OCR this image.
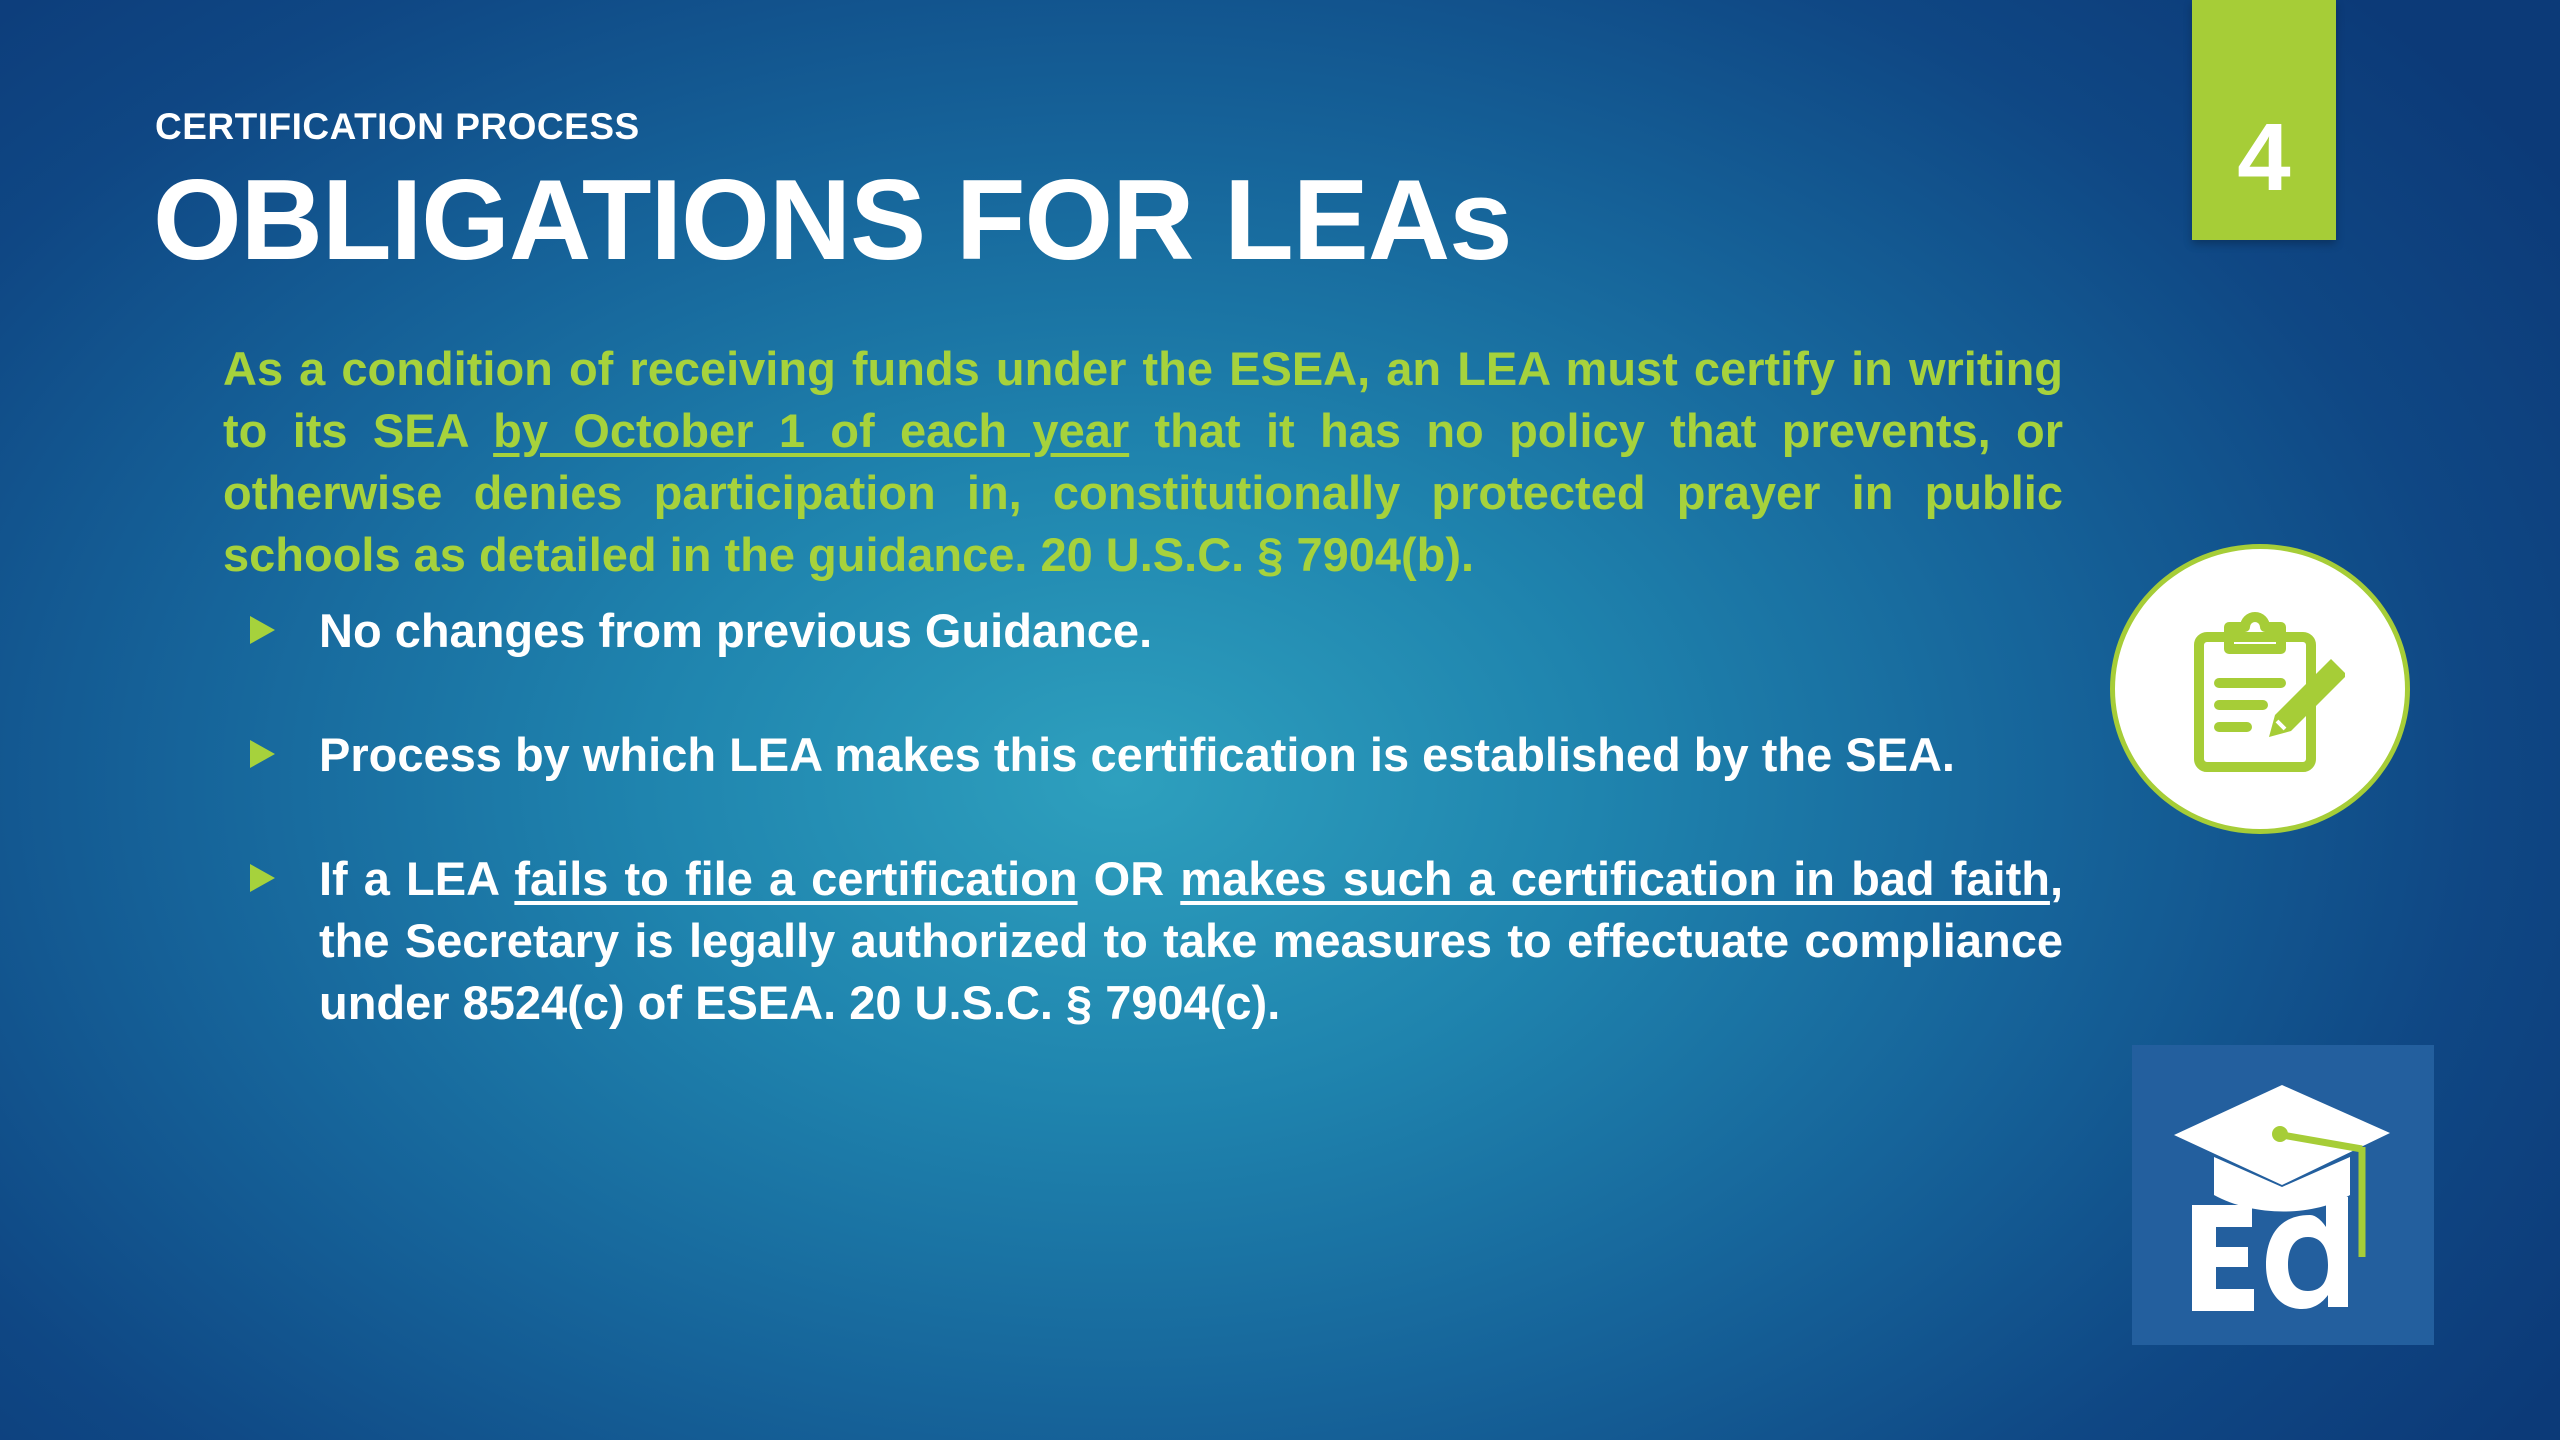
CERTIFICATION PROCESS
OBLIGATIONS FOR LEAs	4
As a condition of receiving funds under the ESEA, an LEA must certify in writing to its SEA by October 1 of each year that it has no policy that prevents, or otherwise denies participation in, constitutionally protected prayer in public schools as detailed in the guidance. 20 U.S.C. § 7904(b).
No changes from previous Guidance.
Process by which LEA makes this certification is established by the SEA.
If a LEA fails to file a certification OR makes such a certification in bad faith, the Secretary is legally authorized to take measures to effectuate compliance under 8524(c) of ESEA. 20 U.S.C. § 7904(c).
